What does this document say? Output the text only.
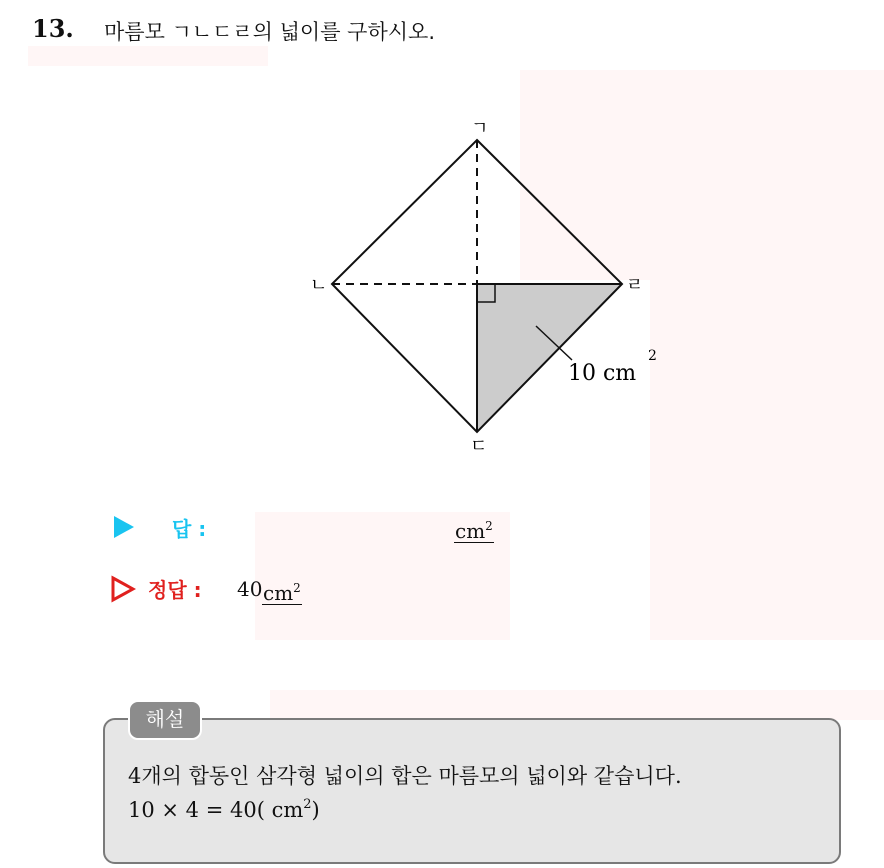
13. 마름모 ㄱㄴㄷㄹ의 넓이를 구하시오.
ㄱ
ㄴ
ㄷ
ㄹ
10 cm
2
답 :	$cm^2$
정답 : 40 $cm^2$
해설
4개의 합동인 삼각형 넓이의 합은 마름모의 넓이와 같습니다.
10 × 4 = 40( $cm^2$)
